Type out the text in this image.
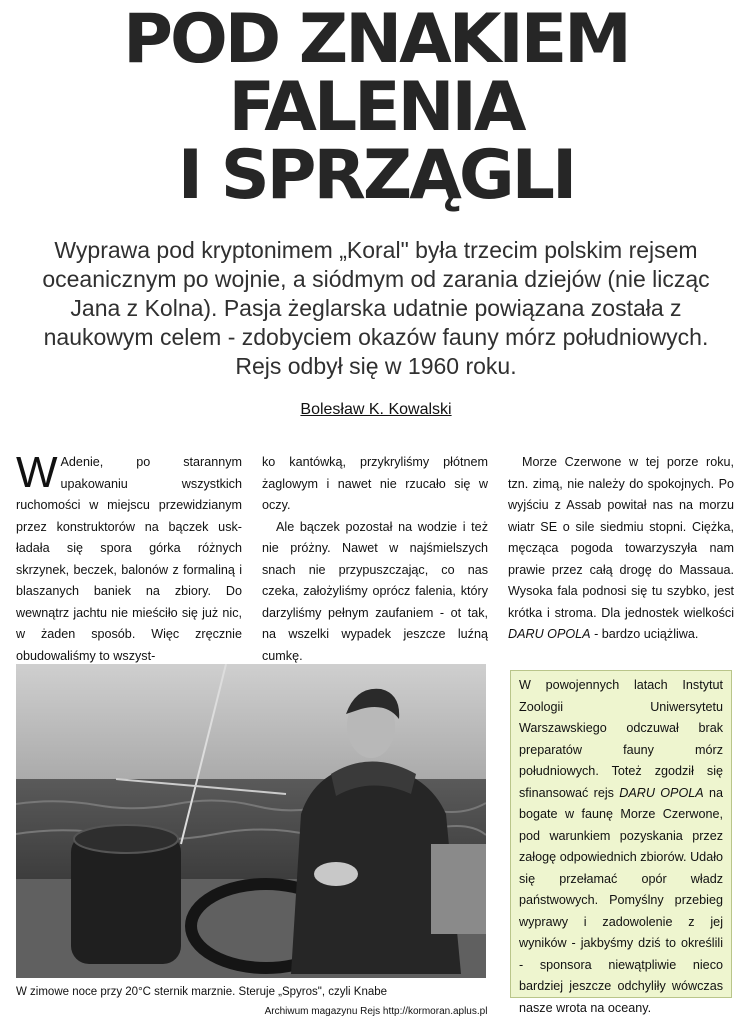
POD ZNAKIEM
FALENIA
I SPRZĄGLI

Wyprawa pod kryptonimem „Koral" była trzecim polskim rejsem oceanicznym po wojnie, a siódmym od zarania dziejów (nie licząc Jana z Kolna). Pasja żeglarska udatnie powiązana została z naukowym celem - zdobyciem okazów fauny mórz południowych. Rejs odbył się w 1960 roku.

Bolesław K. Kowalski

W Adenie, po starannym upakowaniu wszystkich ruchomości w miejscu przewidzianym przez konstruktorów na bączek uskładała się spora górka różnych skrzynek, beczek, balonów z formaliną i blaszanych baniek na zbiory. Do wewnątrz jachtu nie mieściło się już nic, w żaden sposób. Więc zręcznie obudowaliśmy to wszyst-

ko kantówką, przykryliśmy płótnem żaglowym i nawet nie rzucało się w oczy.

Ale bączek pozostał na wodzie i też nie próżny. Nawet w najśmielszych snach nie przypuszczając, co nas czeka, założyliśmy oprócz falenia, który darzyliśmy pełnym zaufaniem - ot tak, na wszelki wypadek jeszcze luźną cumkę.

Morze Czerwone w tej porze roku, tzn. zimą, nie należy do spokojnych. Po wyjściu z Assab powitał nas na morzu wiatr SE o sile siedmiu stopni. Ciężka, męcząca pogoda towarzyszyła nam prawie przez całą drogę do Massaua. Wysoka fala podnosi się tu szybko, jest krótka i stroma. Dla jednostek wielkości DARU OPOLA - bardzo uciążliwa.

W zimowe noce przy 20°C sternik marznie. Steruje „Spyros", czyli Knabe

W powojennych latach Instytut Zoologii Uniwersytetu Warszawskiego odczuwał brak preparatów fauny mórz południowych. Toteż zgodził się sfinansować rejs DARU OPOLA na bogate w faunę Morze Czerwone, pod warunkiem pozyskania przez załogę odpowiednich zbiorów. Udało się przełamać opór władz państwowych. Pomyślny przebieg wyprawy i zadowolenie z jej wyników - jakbyśmy dziś to określili - sponsora niewątpliwie nieco bardziej jeszcze odchyliły wówczas nasze wrota na oceany.

Archiwum magazynu Rejs http://kormoran.aplus.pl
